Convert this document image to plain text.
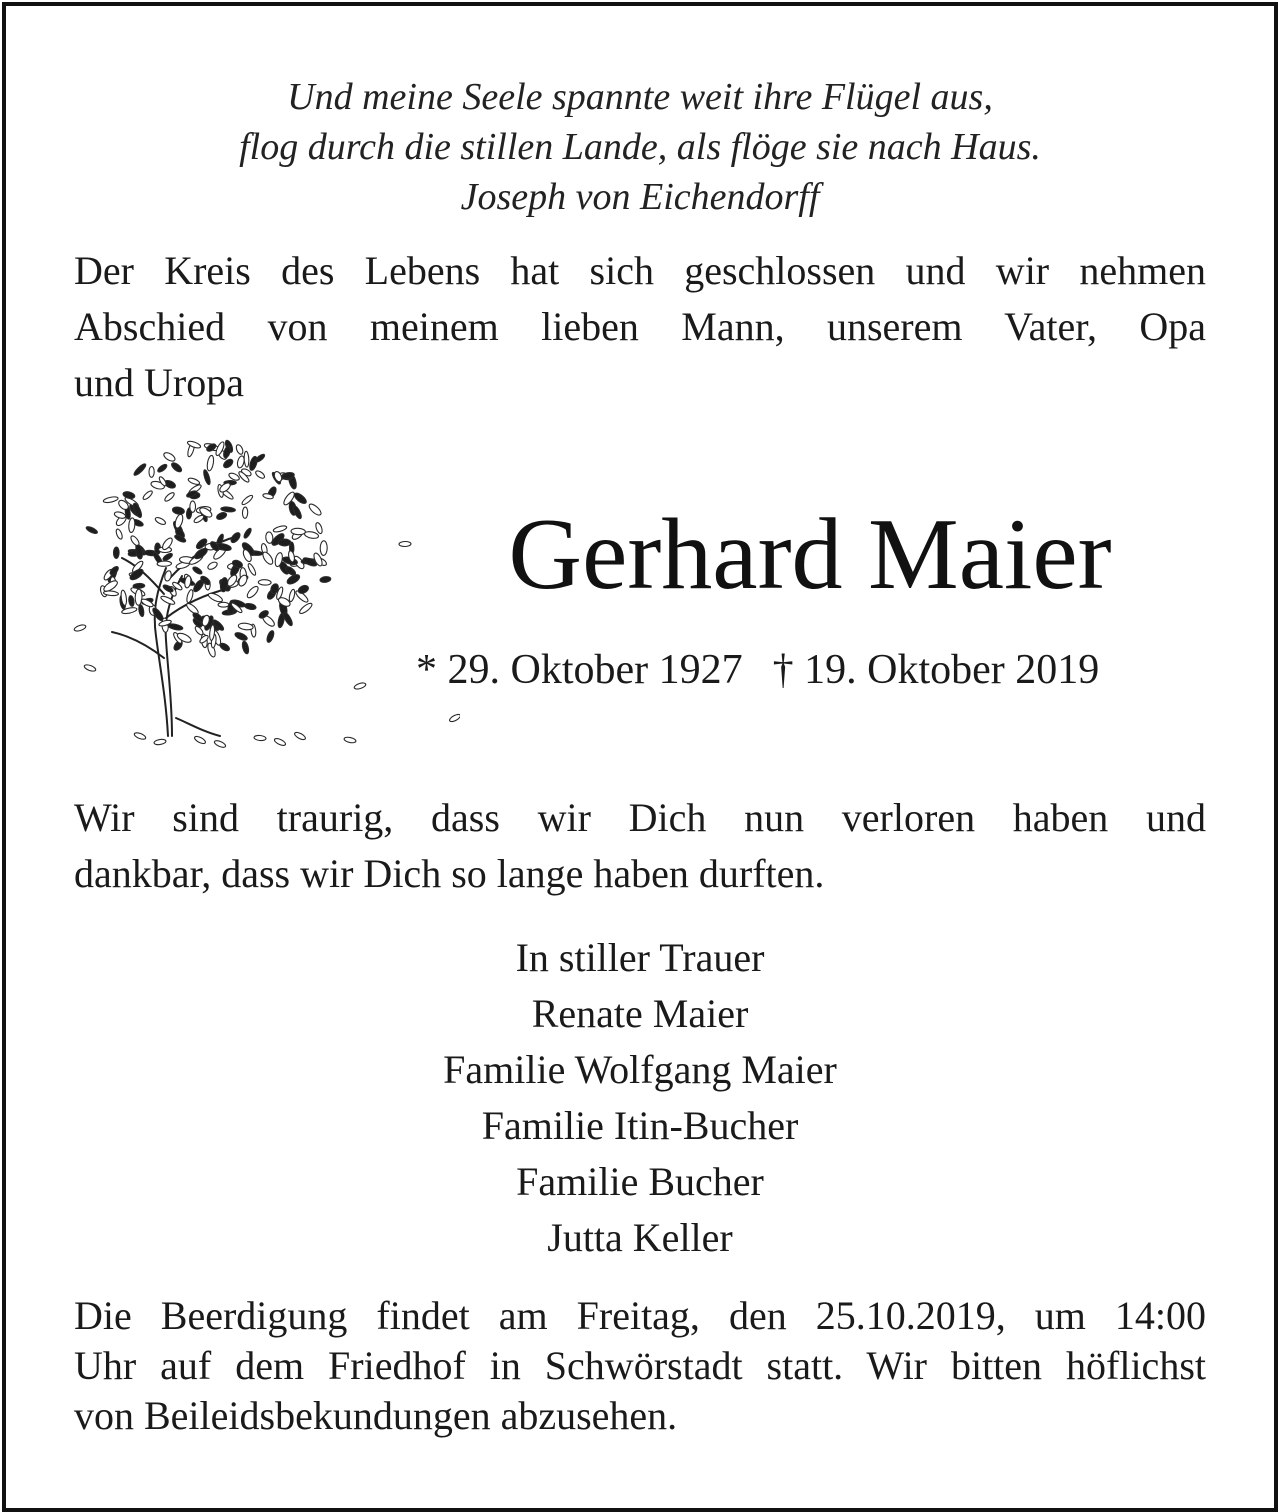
Und meine Seele spannte weit ihre Flügel aus,
flog durch die stillen Lande, als flöge sie nach Haus.
Joseph von Eichendorff
Der Kreis des Lebens hat sich geschlossen und wir nehmen
Abschied von meinem lieben Mann, unserem Vater, Opa
und Uropa
Gerhard Maier
* 29. Oktober 1927 † 19. Oktober 2019
Wir sind traurig, dass wir Dich nun verloren haben und
dankbar, dass wir Dich so lange haben durften.
In stiller Trauer
Renate Maier
Familie Wolfgang Maier
Familie Itin-Bucher
Familie Bucher
Jutta Keller
Die Beerdigung findet am Freitag, den 25.10.2019, um 14:00
Uhr auf dem Friedhof in Schwörstadt statt. Wir bitten höflichst
von Beileidsbekundungen abzusehen.
